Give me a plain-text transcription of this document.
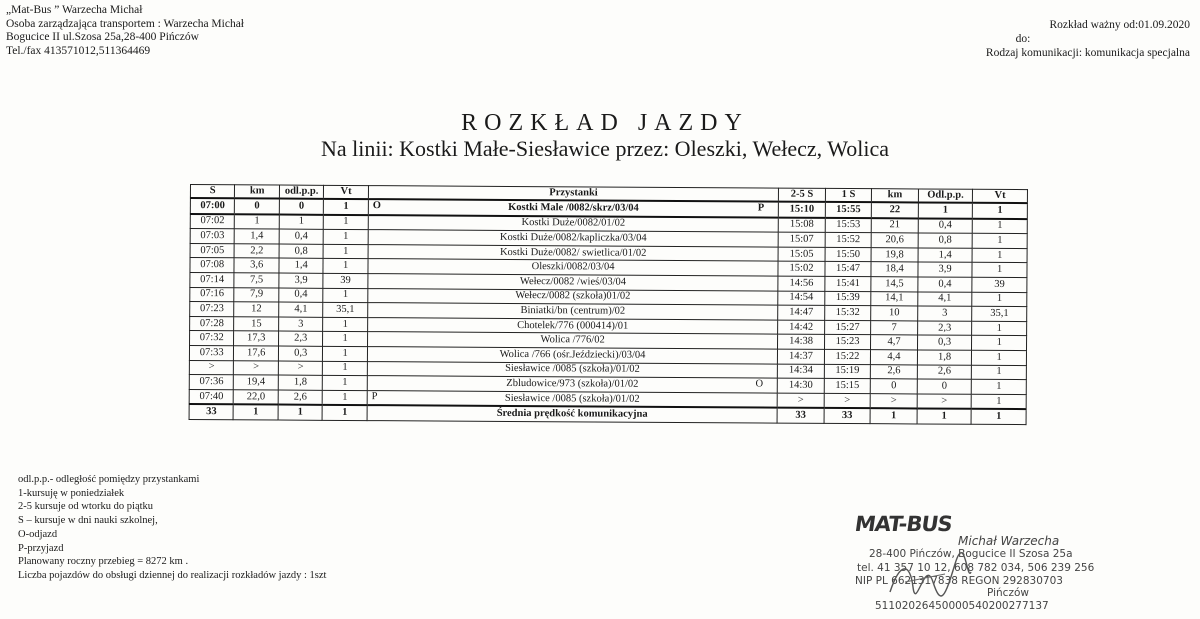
„Mat-Bus ” Warzecha Michał
Osoba zarządzająca transportem : Warzecha Michał
Bogucice II ul.Szosa 25a,28-400 Pińczów
Tel./fax 413571012,511364469
Rozkład ważny od:01.09.2020
do:
Rodzaj komunikacji: komunikacja specjalna
ROZKŁAD JAZDY
Na linii: Kostki Małe-Siesławice przez: Oleszki, Wełecz, Wolica
S	km	odl.p.p.	Vt	Przystanki	2-5 S	1 S	km	Odl.p.p.	Vt
07:00	0	0	1	O Kostki Male /0082/skrz/03/04 P	15:10	15:55	22	1	1
07:02	1	1	1	Kostki Duże/0082/01/02	15:08	15:53	21	0,4	1
07:03	1,4	0,4	1	Kostki Duże/0082/kapliczka/03/04	15:07	15:52	20,6	0,8	1
07:05	2,2	0,8	1	Kostki Duże/0082/ swietlica/01/02	15:05	15:50	19,8	1,4	1
07:08	3,6	1,4	1	Oleszki/0082/03/04	15:02	15:47	18,4	3,9	1
07:14	7,5	3,9	39	Wełecz/0082 /wieś/03/04	14:56	15:41	14,5	0,4	39
07:16	7,9	0,4	1	Wełecz/0082 (szkoła)01/02	14:54	15:39	14,1	4,1	1
07:23	12	4,1	35,1	Biniatki/bn (centrum)/02	14:47	15:32	10	3	35,1
07:28	15	3	1	Chotelek/776 (000414)/01	14:42	15:27	7	2,3	1
07:32	17,3	2,3	1	Wolica /776/02	14:38	15:23	4,7	0,3	1
07:33	17,6	0,3	1	Wolica /766 (ośr.Jeździecki)/03/04	14:37	15:22	4,4	1,8	1
>	>	>	1	Siesławice /0085 (szkoła)/01/02	14:34	15:19	2,6	2,6	1
07:36	19,4	1,8	1	Zbludowice/973 (szkoła)/01/02 O	14:30	15:15	0	0	1
07:40	22,0	2,6	1	P Siesławice /0085 (szkoła)/01/02	>	>	>	>	1
33	1	1	1	Średnia prędkość komunikacyjna	33	33	1	1	1
odl.p.p.- odległość pomiędzy przystankami
1-kursuję w poniedziałek
2-5 kursuje od wtorku do piątku
S – kursuje w dni nauki szkolnej,
O-odjazd
P-przyjazd
Planowany roczny przebieg = 8272 km .
Liczba pojazdów do obsługi dziennej do realizacji rozkładów jazdy : 1szt
MAT-BUS
Michał Warzecha
28-400 Pińczów, Bogucice II Szosa 25a
tel. 41 357 10 12, 608 782 034, 506 239 256
NIP PL 6621317838 REGON 292830703
Pińczów
51102026450000540200277137
